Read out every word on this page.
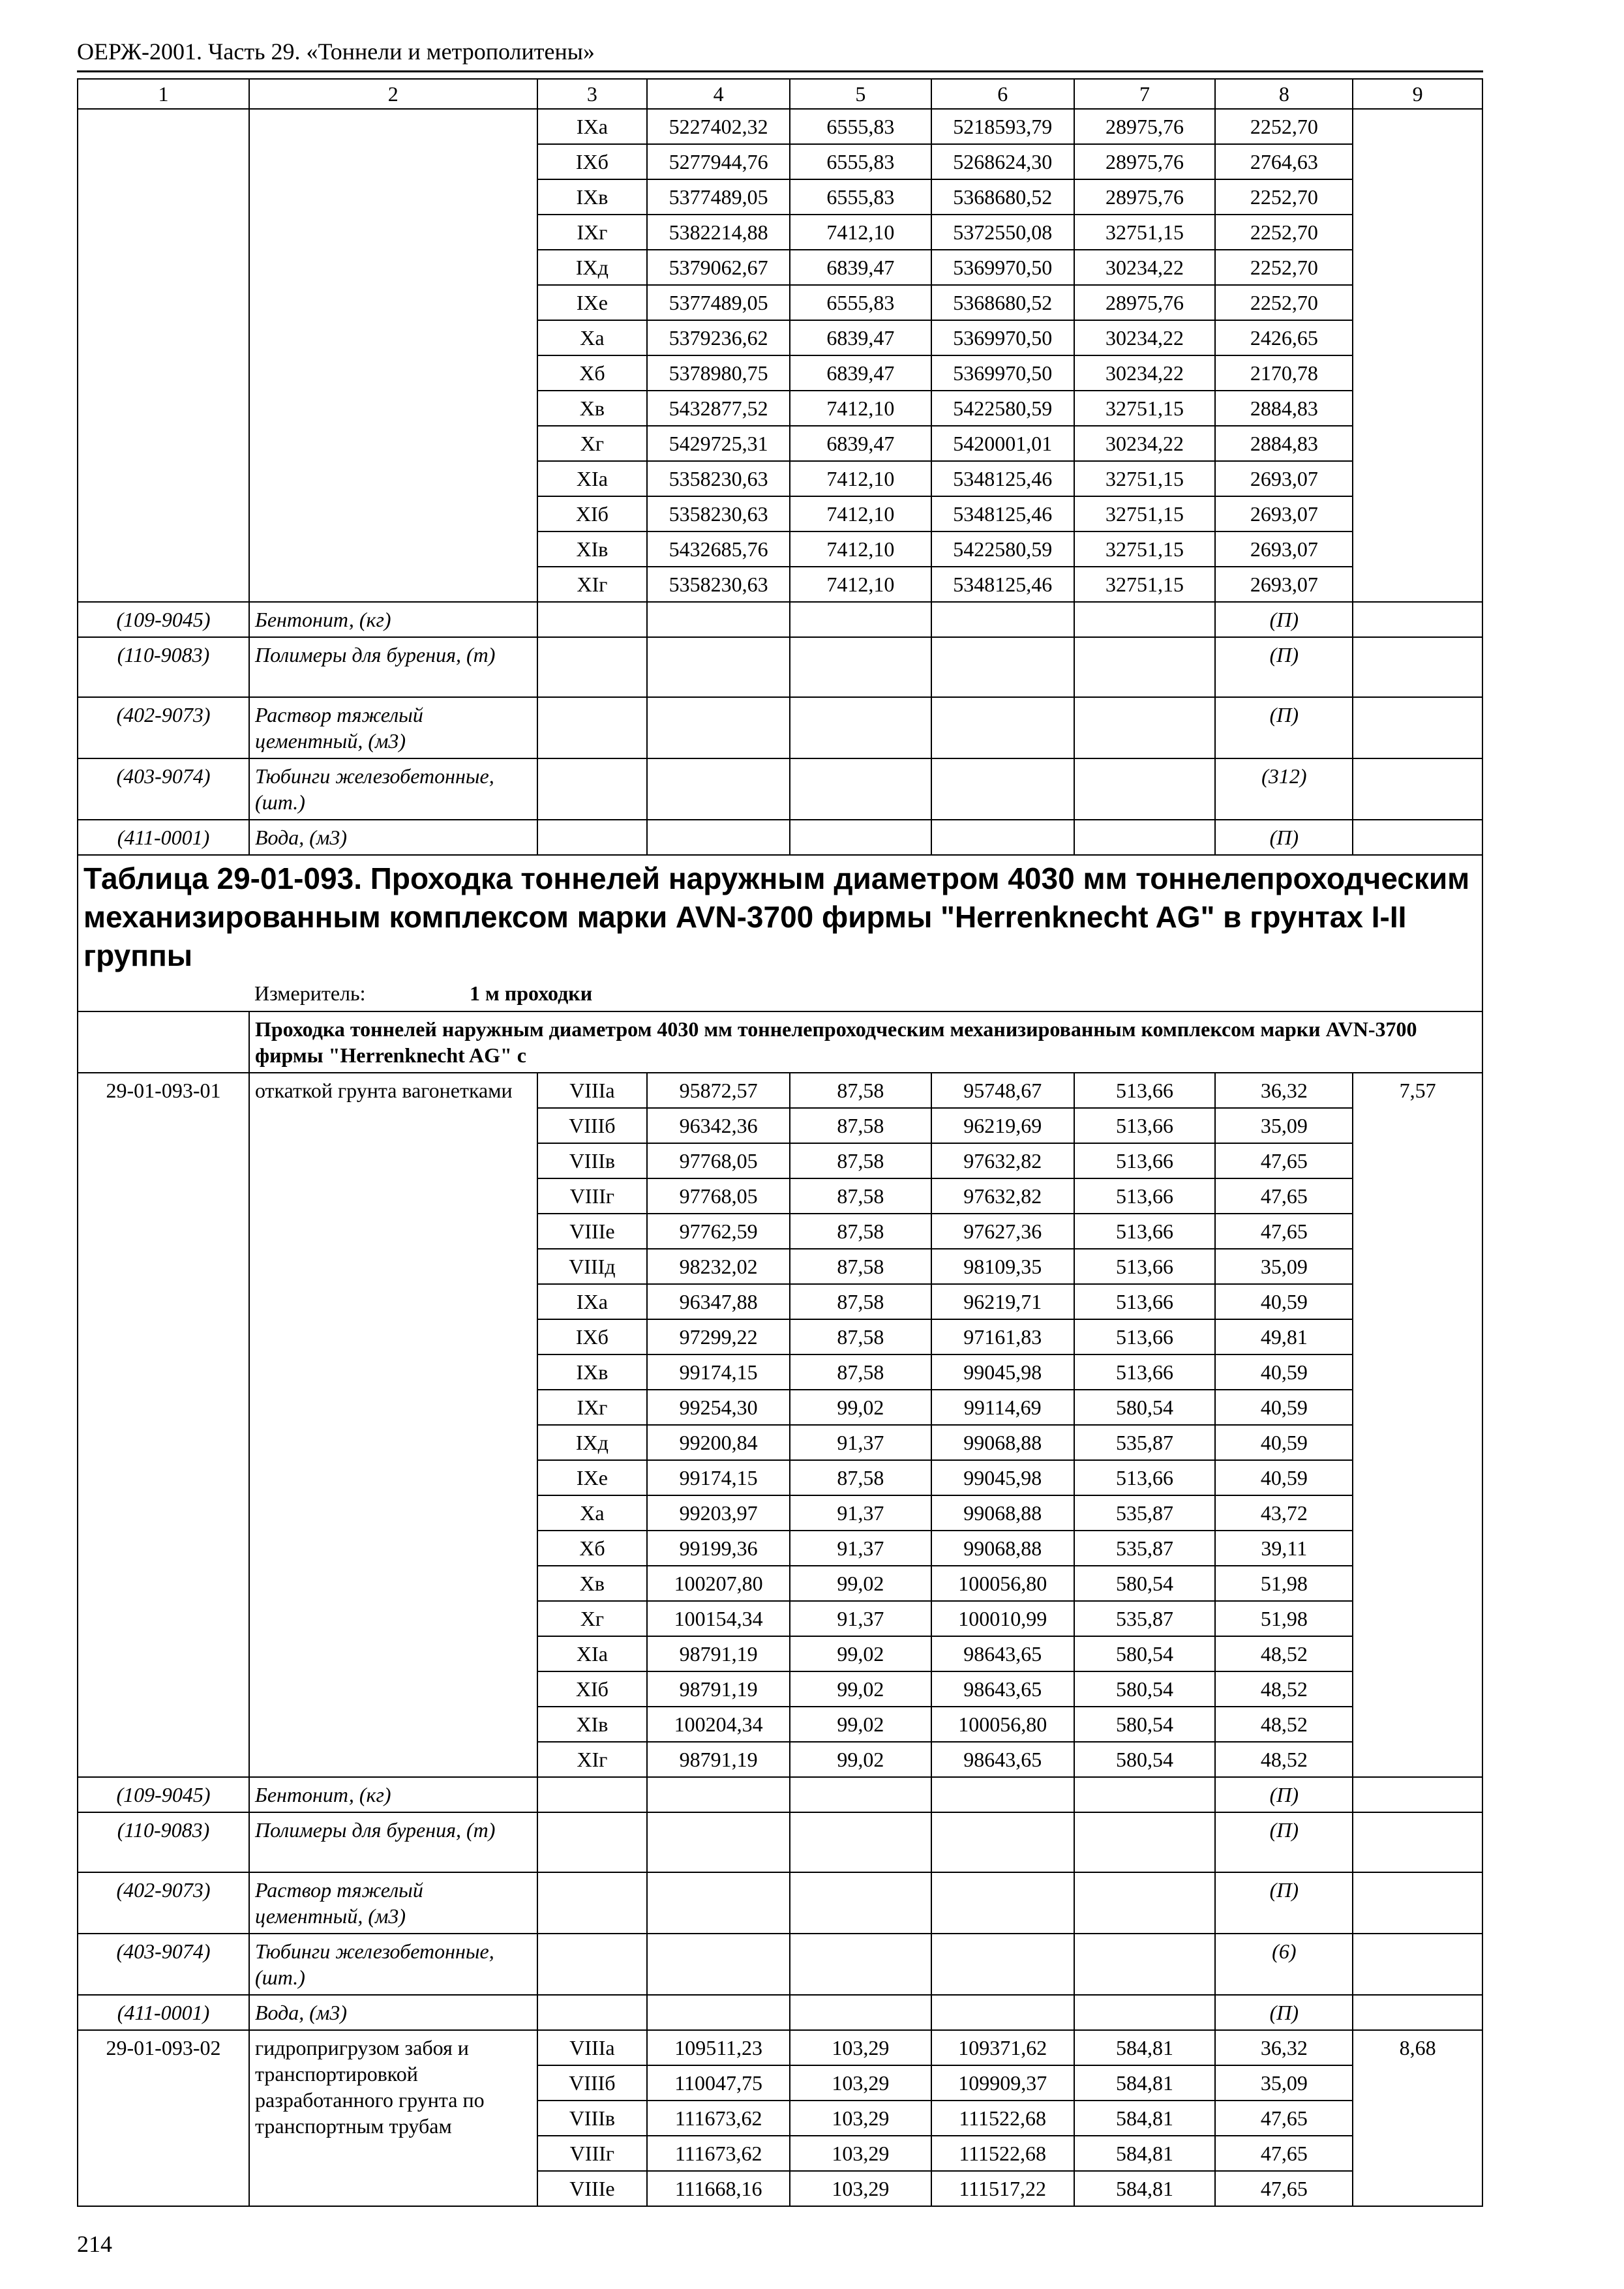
ОЕРЖ-2001. Часть 29. «Тоннели и метрополитены»
1	2	3	4	5	6	7	8	9
		IXa	5227402,32	6555,83	5218593,79	28975,76	2252,70	
		IXб	5277944,76	6555,83	5268624,30	28975,76	2764,63	
		IXв	5377489,05	6555,83	5368680,52	28975,76	2252,70	
		IXг	5382214,88	7412,10	5372550,08	32751,15	2252,70	
		IXд	5379062,67	6839,47	5369970,50	30234,22	2252,70	
		IXе	5377489,05	6555,83	5368680,52	28975,76	2252,70	
		Xa	5379236,62	6839,47	5369970,50	30234,22	2426,65	
		Xб	5378980,75	6839,47	5369970,50	30234,22	2170,78	
		Xв	5432877,52	7412,10	5422580,59	32751,15	2884,83	
		Xг	5429725,31	6839,47	5420001,01	30234,22	2884,83	
		XIa	5358230,63	7412,10	5348125,46	32751,15	2693,07	
		XIб	5358230,63	7412,10	5348125,46	32751,15	2693,07	
		XIв	5432685,76	7412,10	5422580,59	32751,15	2693,07	
		XIг	5358230,63	7412,10	5348125,46	32751,15	2693,07	
(109-9045)	Бентонит, (кг)						(П)	
(110-9083)	Полимеры для бурения, (т)						(П)	
(402-9073)	Раствор тяжелый цементный, (м3)						(П)	
(403-9074)	Тюбинги железобетонные, (шт.)						(312)	
(411-0001)	Вода, (м3)						(П)	

Таблица 29-01-093. Проходка тоннелей наружным диаметром 4030 мм тоннелепроходческим механизированным комплексом марки AVN-3700 фирмы "Herrenknecht AG" в грунтах I-II группы
Измеритель: 1 м проходки								

	Проходка тоннелей наружным диаметром 4030 мм тоннелепроходческим механизированным комплексом марки AVN-3700 фирмы "Herrenknecht AG" с							
29-01-093-01	откаткой грунта вагонетками	VIIIa	95872,57	87,58	95748,67	513,66	36,32	7,57
		VIIIб	96342,36	87,58	96219,69	513,66	35,09	
		VIIIв	97768,05	87,58	97632,82	513,66	47,65	
		VIIIг	97768,05	87,58	97632,82	513,66	47,65	
		VIIIе	97762,59	87,58	97627,36	513,66	47,65	
		VIIIд	98232,02	87,58	98109,35	513,66	35,09	
		IXa	96347,88	87,58	96219,71	513,66	40,59	
		IXб	97299,22	87,58	97161,83	513,66	49,81	
		IXв	99174,15	87,58	99045,98	513,66	40,59	
		IXг	99254,30	99,02	99114,69	580,54	40,59	
		IXд	99200,84	91,37	99068,88	535,87	40,59	
		IXе	99174,15	87,58	99045,98	513,66	40,59	
		Xa	99203,97	91,37	99068,88	535,87	43,72	
		Xб	99199,36	91,37	99068,88	535,87	39,11	
		Xв	100207,80	99,02	100056,80	580,54	51,98	
		Xг	100154,34	91,37	100010,99	535,87	51,98	
		XIa	98791,19	99,02	98643,65	580,54	48,52	
		XIб	98791,19	99,02	98643,65	580,54	48,52	
		XIв	100204,34	99,02	100056,80	580,54	48,52	
		XIг	98791,19	99,02	98643,65	580,54	48,52	
(109-9045)	Бентонит, (кг)						(П)	
(110-9083)	Полимеры для бурения, (т)						(П)	
(402-9073)	Раствор тяжелый цементный, (м3)						(П)	
(403-9074)	Тюбинги железобетонные, (шт.)						(6)	
(411-0001)	Вода, (м3)						(П)	
29-01-093-02	гидропригрузом забоя и транспортировкой разработанного грунта по транспортным трубам	VIIIa	109511,23	103,29	109371,62	584,81	36,32	8,68
		VIIIб	110047,75	103,29	109909,37	584,81	35,09	
		VIIIв	111673,62	103,29	111522,68	584,81	47,65	
		VIIIг	111673,62	103,29	111522,68	584,81	47,65	
		VIIIе	111668,16	103,29	111517,22	584,81	47,65	
214
